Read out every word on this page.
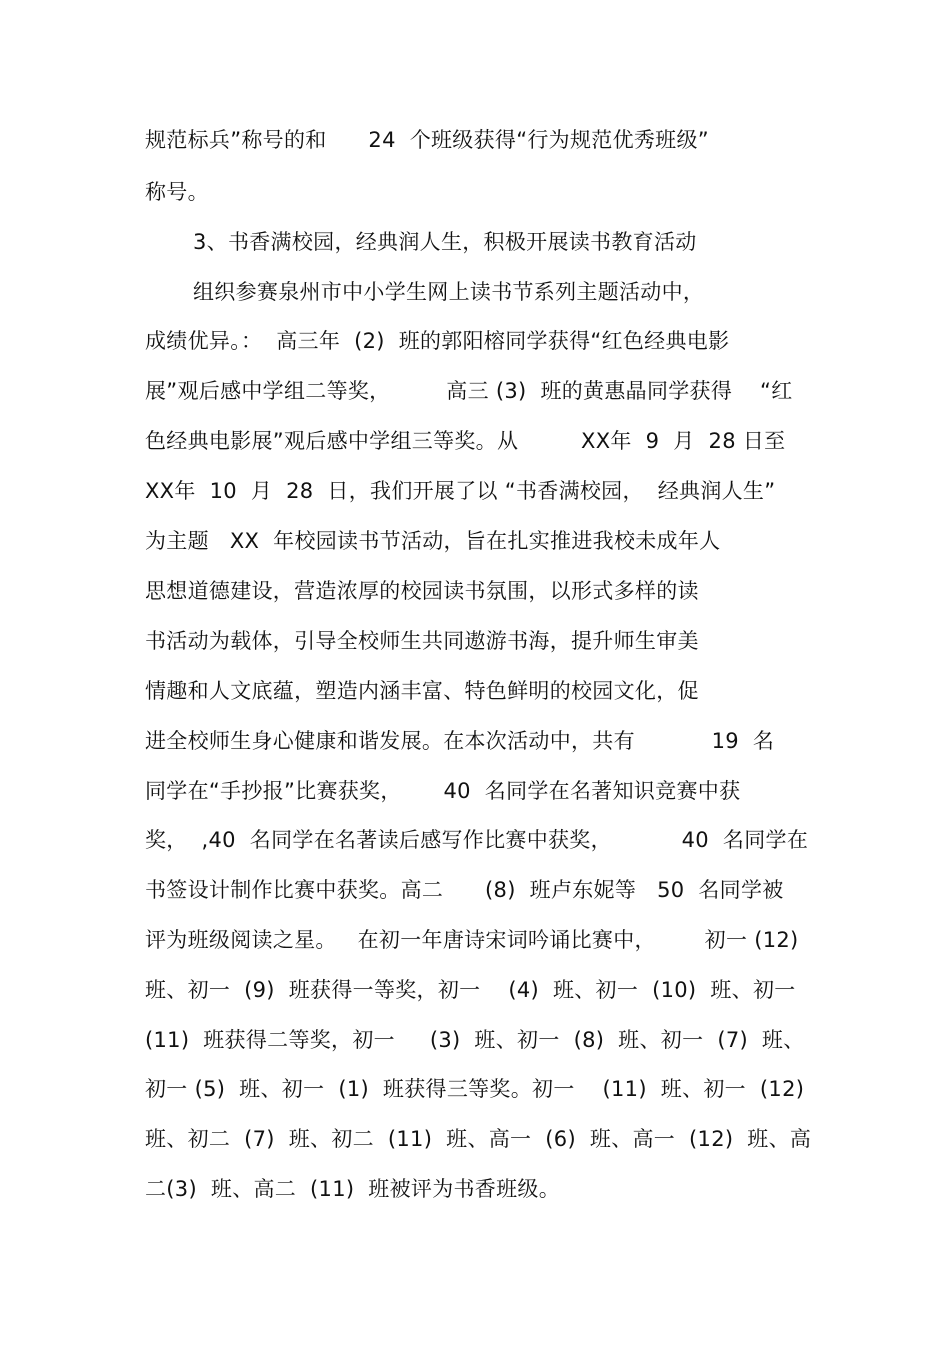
规范标兵”称号的和      24  个班级获得“行为规范优秀班级”
称号。
3、书香满校园，经典润人生，积极开展读书教育活动
组织参赛泉州市中小学生网上读书节系列主题活动中，
成绩优异。：  高三年  (2)  班的郭阳榕同学获得“红色经典电影
展”观后感中学组二等奖，        高三 (3)  班的黄惠晶同学获得    “红
色经典电影展”观后感中学组三等奖。从         XX年  9  月  28 日至
XX年  10  月  28  日，我们开展了以 “书香满校园，  经典润人生”
为主题   XX  年校园读书节活动，旨在扎实推进我校未成年人
思想道德建设，营造浓厚的校园读书氛围，以形式多样的读
书活动为载体，引导全校师生共同遨游书海，提升师生审美
情趣和人文底蕴，塑造内涵丰富、特色鲜明的校园文化，促
进全校师生身心健康和谐发展。在本次活动中，共有           19  名
同学在“手抄报”比赛获奖，      40  名同学在名著知识竞赛中获
奖，  ,40  名同学在名著读后感写作比赛中获奖，          40  名同学在
书签设计制作比赛中获奖。高二      (8)  班卢东妮等   50  名同学被
评为班级阅读之星。   在初一年唐诗宋词吟诵比赛中，       初一 (12)
班、初一  (9)  班获得一等奖，初一    (4)  班、初一  (10)  班、初一
(11)  班获得二等奖，初一     (3)  班、初一  (8)  班、初一  (7)  班、
初一 (5)  班、初一  (1)  班获得三等奖。初一    (11)  班、初一  (12)
班、初二  (7)  班、初二  (11)  班、高一  (6)  班、高一  (12)  班、高
二(3)  班、高二  (11)  班被评为书香班级。
